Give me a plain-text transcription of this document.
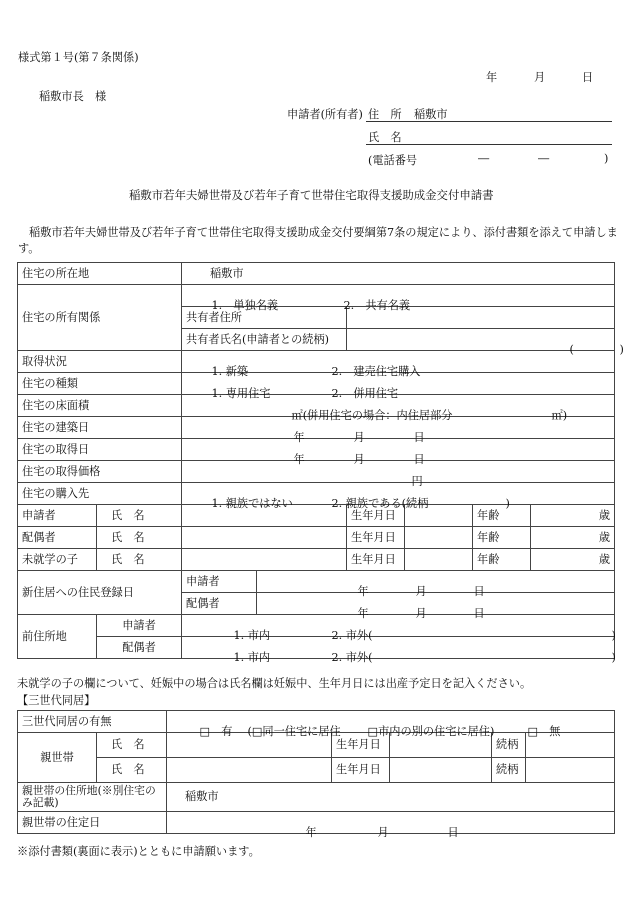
様式第１号(第７条関係)
年	月	日
稲敷市長　様
申請者(所有者) 住　所 稲敷市
氏　名
(電話番号	―	―	)
稲敷市若年夫婦世帯及び若年子育て世帯住宅取得支援助成金交付申請書
稲敷市若年夫婦世帯及び若年子育て世帯住宅取得支援助成金交付要綱第7条の規定により、添付書類を添えて申請します。
住宅の所在地		稲敷市					
住宅の所有関係		1.　単独名義 2.　共有名義					

		共有者住所					
		共有者氏名(申請者との続柄)		( )			

取得状況		1. 新築 2.　建売住宅購入					

住宅の種類		1. 専用住宅 2.　併用住宅					

住宅の床面積		㎡(併用住宅の場合：内住居部分 ㎡)					

住宅の建築日		年 月 日					

住宅の取得日		年 月 日					

住宅の取得価格		円					

住宅の購入先		1. 親族ではない 2. 親族である(続柄 )					

申請者	氏　名			生年月日		年齢	歳
配偶者	氏　名			生年月日		年齢	歳
未就学の子	氏　名			生年月日		年齢	歳
新住居への住民登録日		申請者	年 月 日				

		配偶者	年 月 日				

前住所地	申請者	1. 市内 2. 市外( )					

	配偶者	1. 市内 2. 市外( )					
未就学の子の欄について、妊娠中の場合は氏名欄は妊娠中、生年月日には出産予定日を記入ください。
【三世代同居】
三世代同居の有無		□　有 (□同一住宅に居住 □市内の別の住宅に居住) □　無				

親世帯	氏　名		生年月日		続柄	
	氏　名		生年月日		続柄	
親世帯の住所地(※別住宅のみ記載)		稲敷市				
親世帯の住定日		年 月 日				
※添付書類(裏面に表示)とともに申請願います。
